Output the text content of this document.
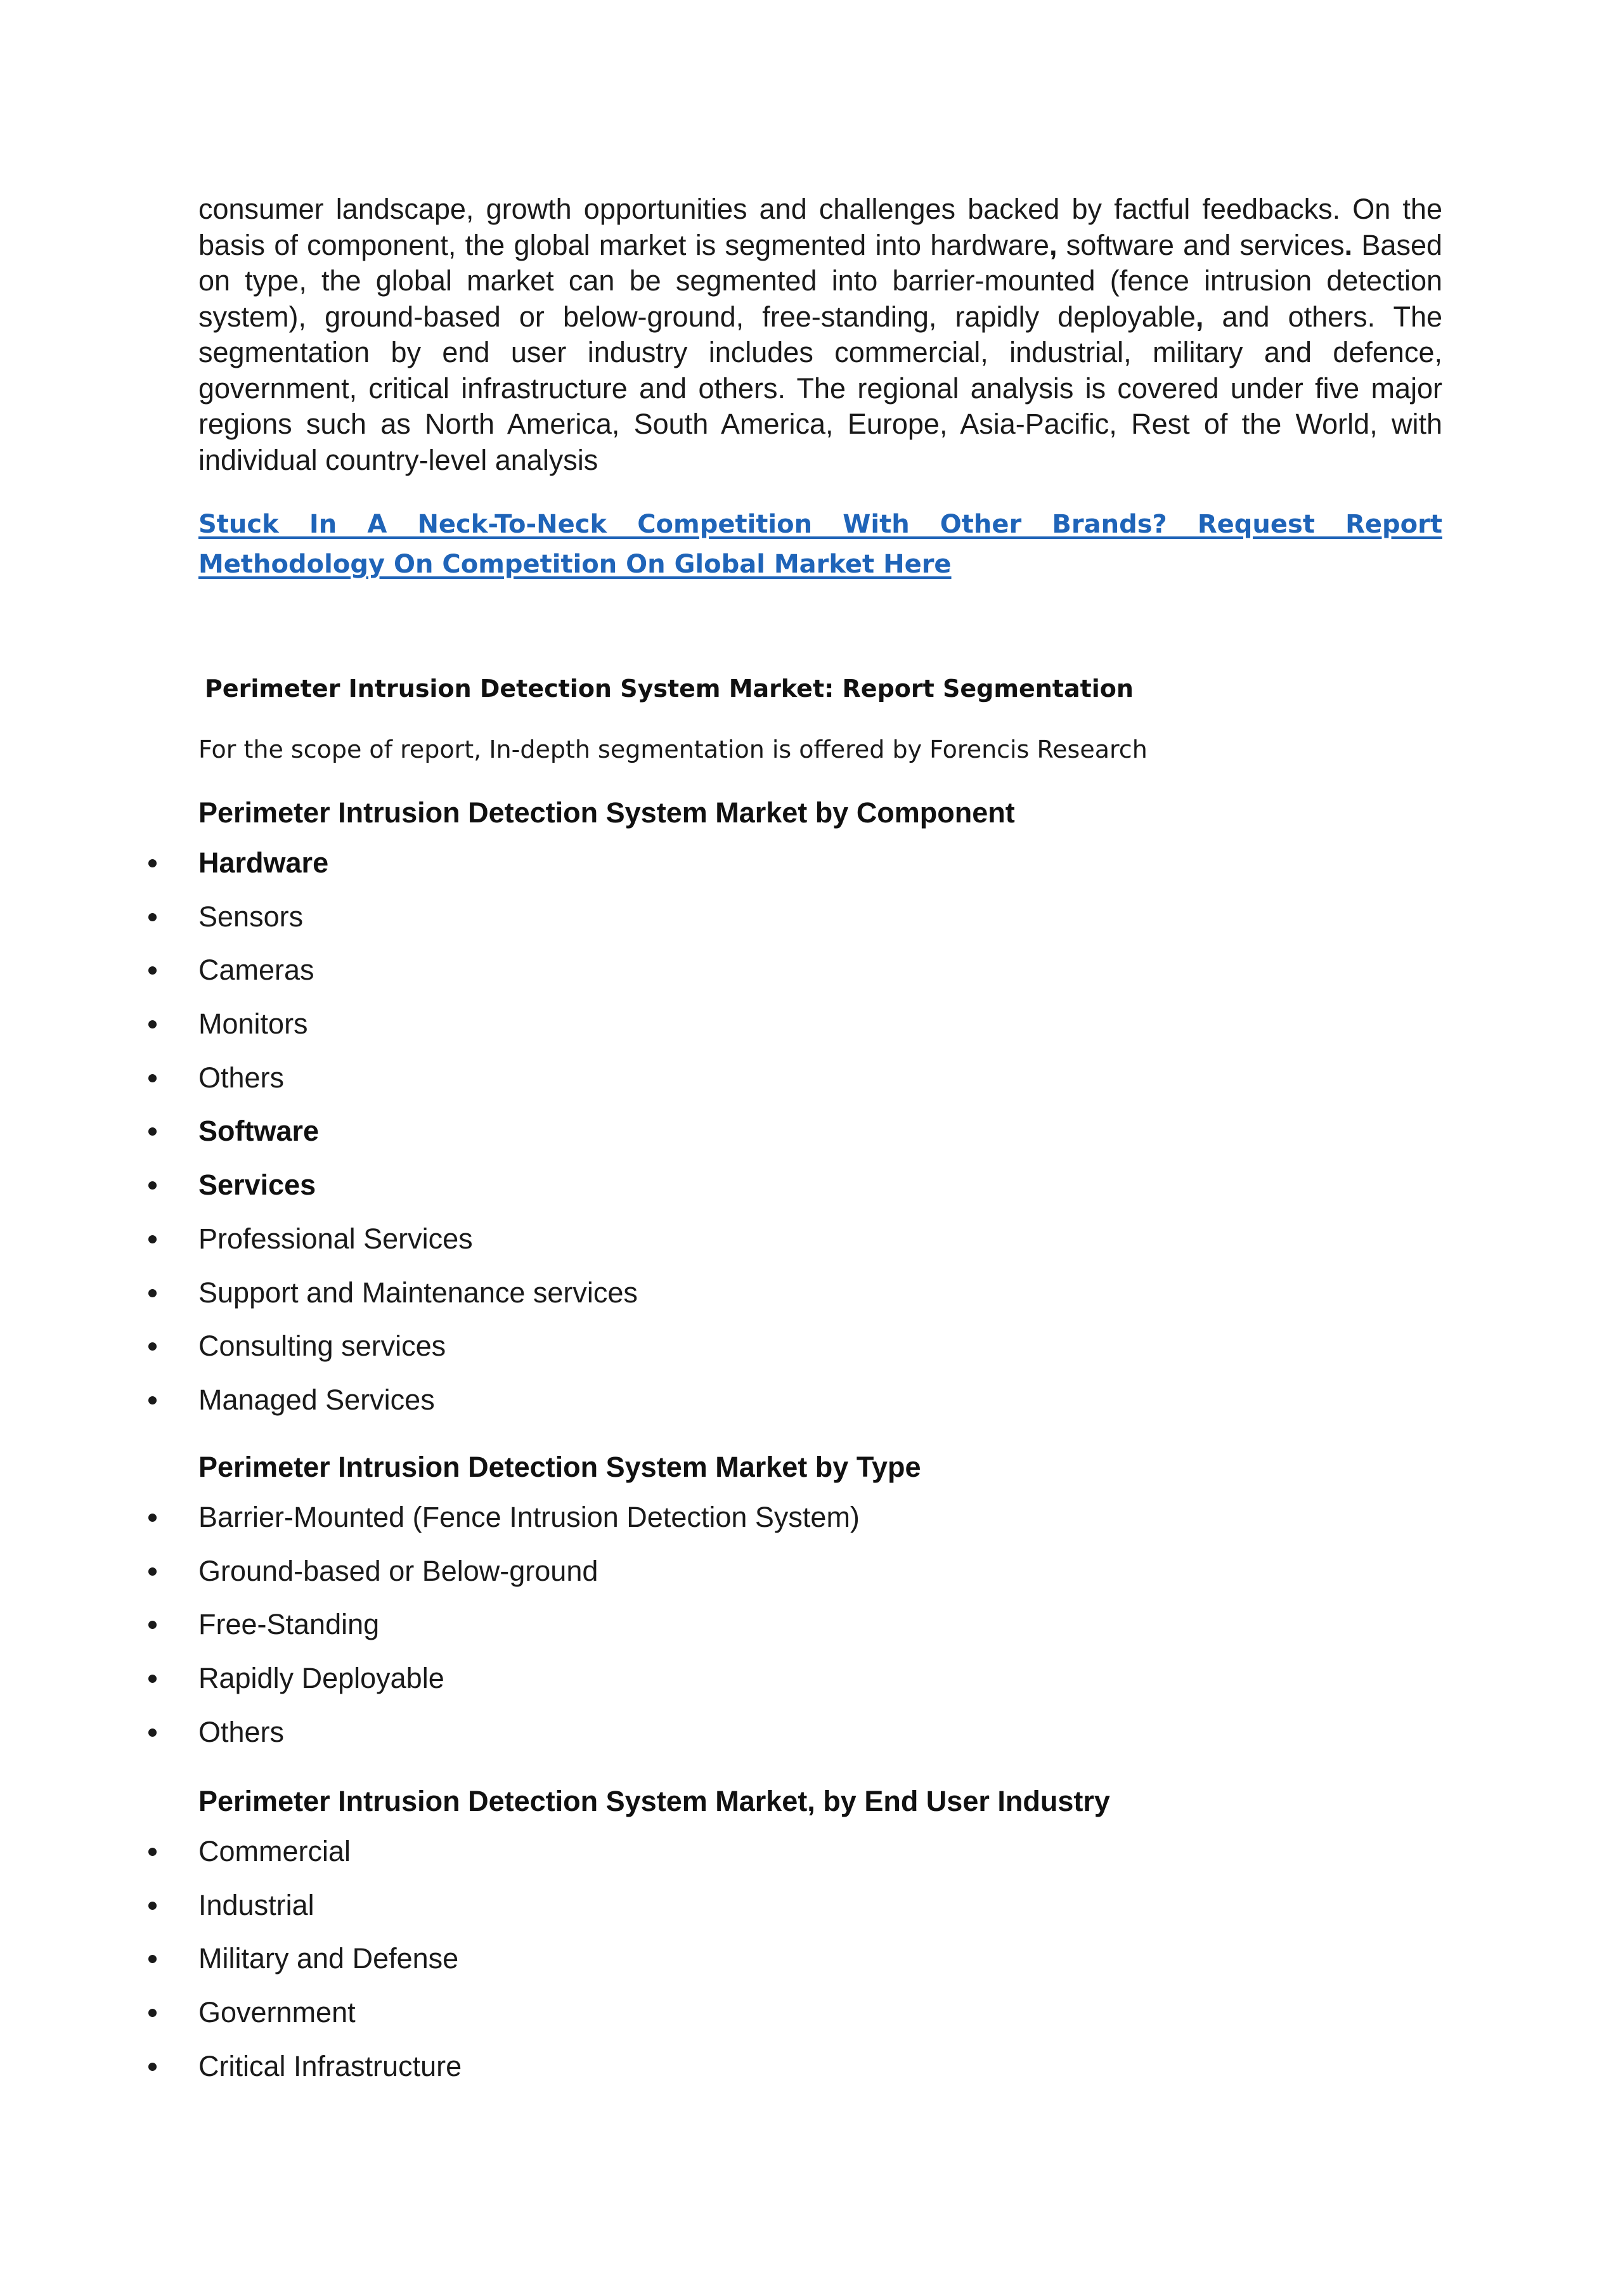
consumer landscape, growth opportunities and challenges backed by factful feedbacks. On the basis of component, the global market is segmented into hardware, software and services. Based on type, the global market can be segmented into barrier-mounted (fence intrusion detection system), ground-based or below-ground, free-standing, rapidly deployable, and others. The segmentation by end user industry includes commercial, industrial, military and defence, government, critical infrastructure and others. The regional analysis is covered under five major regions such as North America, South America, Europe, Asia-Pacific, Rest of the World, with individual country-level analysis

Stuck In A Neck-To-Neck Competition With Other Brands? Request Report Methodology On Competition On Global Market Here

Perimeter Intrusion Detection System Market: Report Segmentation

For the scope of report, In-depth segmentation is offered by Forencis Research

Perimeter Intrusion Detection System Market by Component
Hardware
Sensors
Cameras
Monitors
Others
Software
Services
Professional Services
Support and Maintenance services
Consulting services
Managed Services
Perimeter Intrusion Detection System Market by Type
Barrier-Mounted (Fence Intrusion Detection System)
Ground-based or Below-ground
Free-Standing
Rapidly Deployable
Others
Perimeter Intrusion Detection System Market, by End User Industry
Commercial
Industrial
Military and Defense
Government
Critical Infrastructure
